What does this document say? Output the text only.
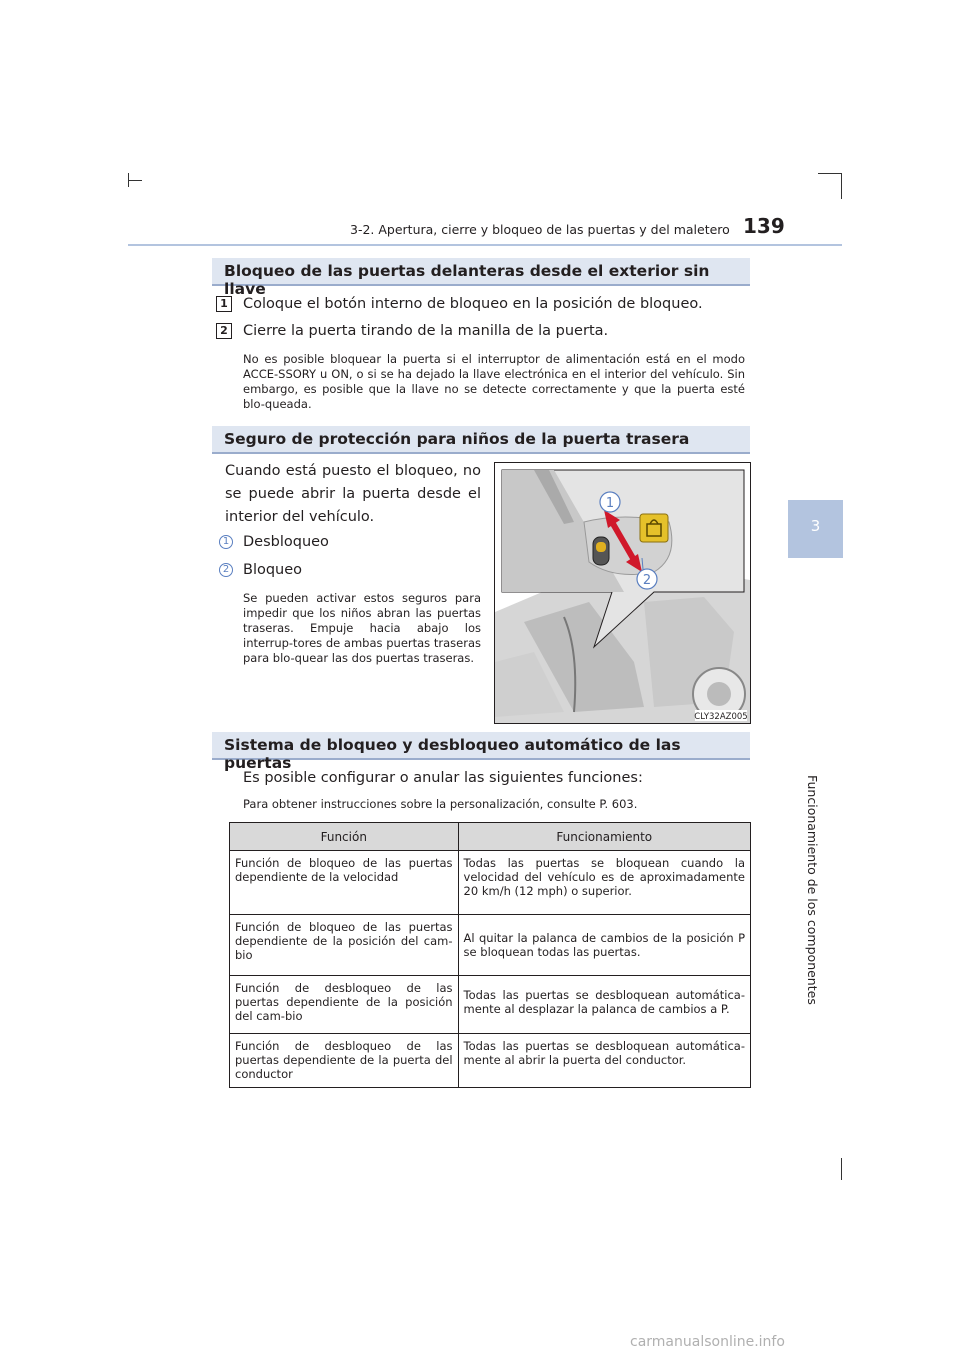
3-2. Apertura, cierre y bloqueo de las puertas y del maletero 139
3
Funcionamiento de los componentes
Bloqueo de las puertas delanteras desde el exterior sin llave
1 Coloque el botón interno de bloqueo en la posición de bloqueo.
2 Cierre la puerta tirando de la manilla de la puerta.
No es posible bloquear la puerta si el interruptor de alimentación está en el modo ACCE-SSORY u ON, o si se ha dejado la llave electrónica en el interior del vehículo. Sin embargo, es posible que la llave no se detecte correctamente y que la puerta esté blo-queada.
Seguro de protección para niños de la puerta trasera
Cuando está puesto el bloqueo, no se puede abrir la puerta desde el interior del vehículo.
1 Desbloqueo
2 Bloqueo
Se pueden activar estos seguros para impedir que los niños abran las puertas traseras. Empuje hacia abajo los interrup-tores de ambas puertas traseras para blo-quear las dos puertas traseras.
1
2
CLY32AZ005
Sistema de bloqueo y desbloqueo automático de las puertas
Es posible configurar o anular las siguientes funciones:
Para obtener instrucciones sobre la personalización, consulte P. 603.
Función	Funcionamiento
Función de bloqueo de las puertas dependiente de la velocidad	Todas las puertas se bloquean cuando la velocidad del vehículo es de aproximadamente 20 km/h (12 mph) o superior.
Función de bloqueo de las puertas dependiente de la posición del cam-bio	Al quitar la palanca de cambios de la posición P se bloquean todas las puertas.
Función de desbloqueo de las puertas dependiente de la posición del cam-bio	Todas las puertas se desbloquean automática-mente al desplazar la palanca de cambios a P.
Función de desbloqueo de las puertas dependiente de la puerta del conductor	Todas las puertas se desbloquean automática-mente al abrir la puerta del conductor.
carmanualsonline.info
